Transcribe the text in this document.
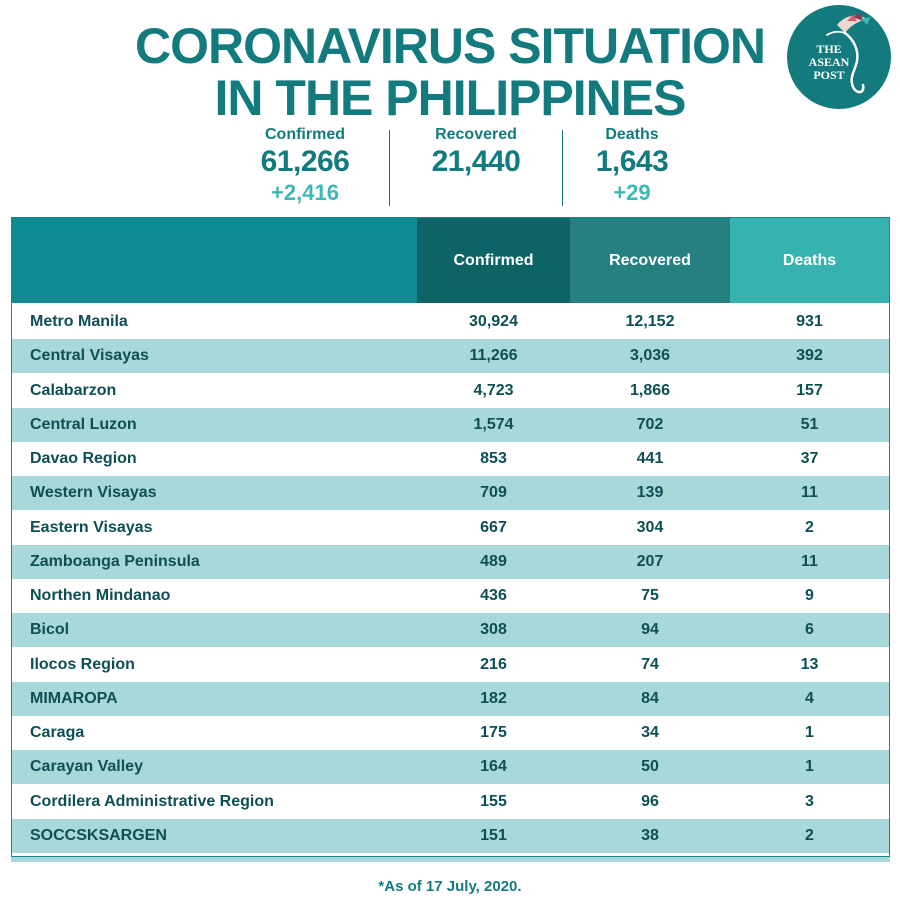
CORONAVIRUS SITUATION
IN THE PHILIPPINES
THE
ASEAN
POST
Confirmed
61,266
+2,416
Recovered
21,440
Deaths
1,643
+29
Confirmed	Recovered	Deaths
Metro Manila	30,924	12,152	931
Central Visayas	11,266	3,036	392
Calabarzon	4,723	1,866	157
Central Luzon	1,574	702	51
Davao Region	853	441	37
Western Visayas	709	139	11
Eastern Visayas	667	304	2
Zamboanga Peninsula	489	207	11
Northen Mindanao	436	75	9
Bicol	308	94	6
Ilocos Region	216	74	13
MIMAROPA	182	84	4
Caraga	175	34	1
Carayan Valley	164	50	1
Cordilera Administrative Region	155	96	3
SOCCSKSARGEN	151	38	2
*As of 17 July, 2020.
